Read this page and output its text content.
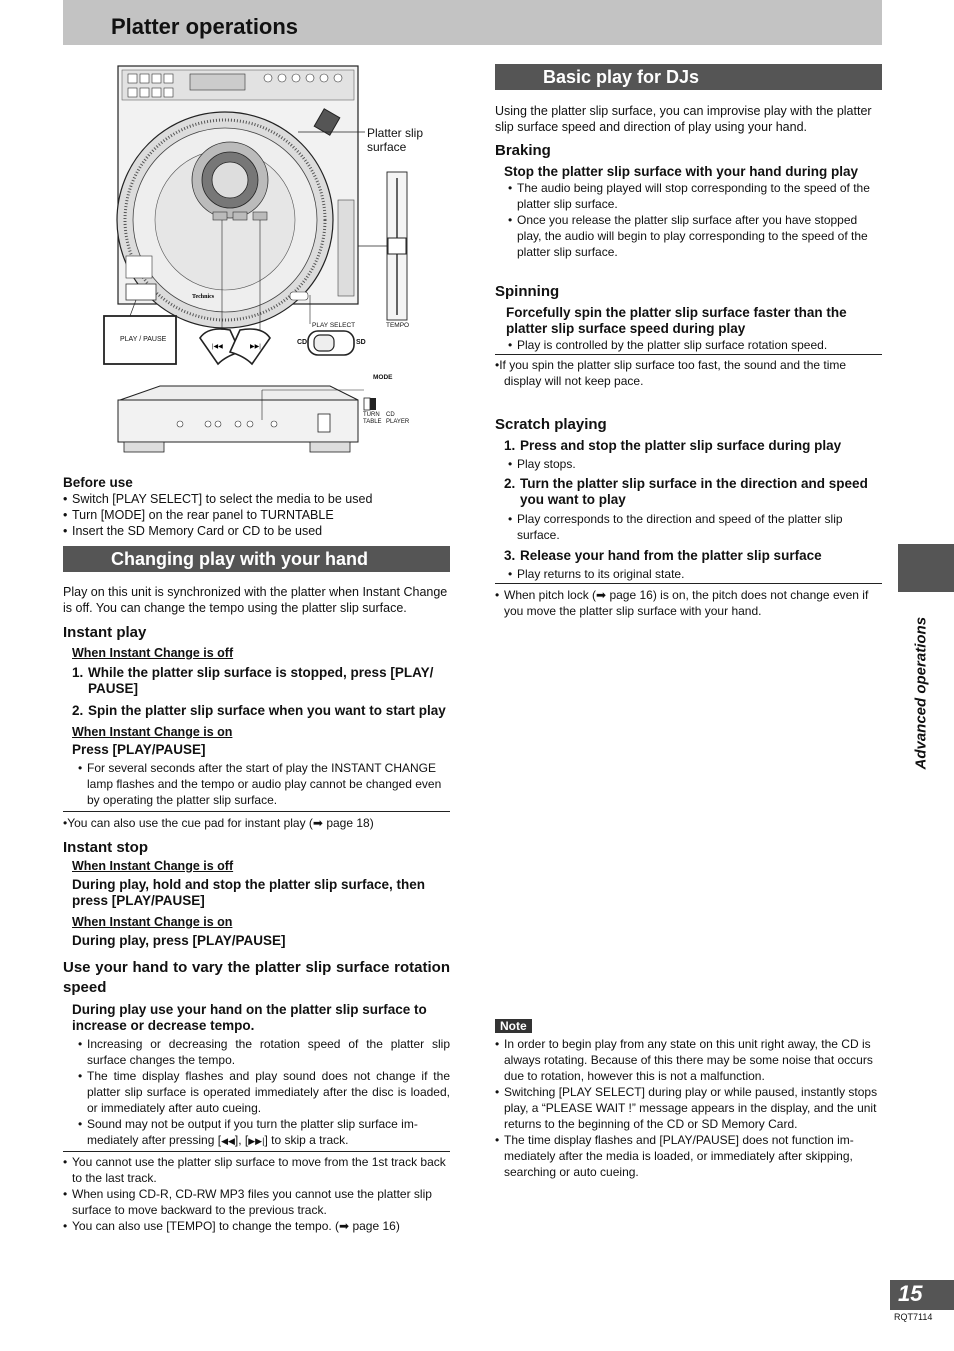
Platter operations
Technics
|◀◀	▶▶|
Platter slip
surface
PLAY / PAUSE
PLAY SELECT	TEMPO
CD	SD
MODE
TURN
TABLE
CD
PLAYER

Before use

• Switch [PLAY SELECT] to select the media to be used

• Turn [MODE] on the rear panel to TURNTABLE

• Insert the SD Memory Card or CD to be used

Changing play with your hand

Play on this unit is synchronized with the platter when Instant Change is off. You can change the tempo using the platter slip surface.

Instant play

When Instant Change is off

1. While the platter slip surface is stopped, press [PLAY/ PAUSE]

2. Spin the platter slip surface when you want to start play

When Instant Change is on

Press [PLAY/PAUSE]

• For several seconds after the start of play the INSTANT CHANGE lamp flashes and the tempo or audio play cannot be changed even by operating the platter slip surface.

•You can also use the cue pad for instant play (➡ page 18)

Instant stop

When Instant Change is off

During play, hold and stop the platter slip surface, then press [PLAY/PAUSE]

When Instant Change is on

During play, press [PLAY/PAUSE]

Use your hand to vary the platter slip surface rotation speed

During play use your hand on the platter slip surface to increase or decrease tempo.

• Increasing or decreasing the rotation speed of the platter slip surface changes the tempo.

• The time display flashes and play sound does not change if the platter slip surface is operated immediately after the disc is loaded, or immediately after auto cueing.

• Sound may not be output if you turn the platter slip surface im-mediately after pressing [◀◀], [▶▶|] to skip a track.

• You cannot use the platter slip surface to move from the 1st track back to the last track.

• When using CD-R, CD-RW MP3 files you cannot use the platter slip surface to move backward to the previous track.

• You can also use [TEMPO] to change the tempo. (➡ page 16)

Basic play for DJs

Using the platter slip surface, you can improvise play with the platter slip surface speed and direction of play using your hand.

Braking

Stop the platter slip surface with your hand during play

• The audio being played will stop corresponding to the speed of the platter slip surface.

• Once you release the platter slip surface after you have stopped play, the audio will begin to play corresponding to the speed of the platter slip surface.

Spinning

Forcefully spin the platter slip surface faster than the platter slip surface speed during play

• Play is controlled by the platter slip surface rotation speed.

•If you spin the platter slip surface too fast, the sound and the time display will not keep pace.

Scratch playing

1. Press and stop the platter slip surface during play

• Play stops.

2. Turn the platter slip surface in the direction and speed you want to play

• Play corresponds to the direction and speed of the platter slip surface.

3. Release your hand from the platter slip surface

• Play returns to its original state.

• When pitch lock (➡ page 16) is on, the pitch does not change even if you move the platter slip surface with your hand.

Note

• In order to begin play from any state on this unit right away, the CD is always rotating. Because of this there may be some noise that occurs due to rotation, however this is not a malfunction.

• Switching [PLAY SELECT] during play or while paused, instantly stops play, a “PLEASE WAIT !” message appears in the display, and the unit returns to the beginning of the CD or SD Memory Card.

• The time display flashes and [PLAY/PAUSE] does not function im-mediately after the media is loaded, or immediately after skipping, searching or auto cueing.

Advanced operations
15
RQT7114
